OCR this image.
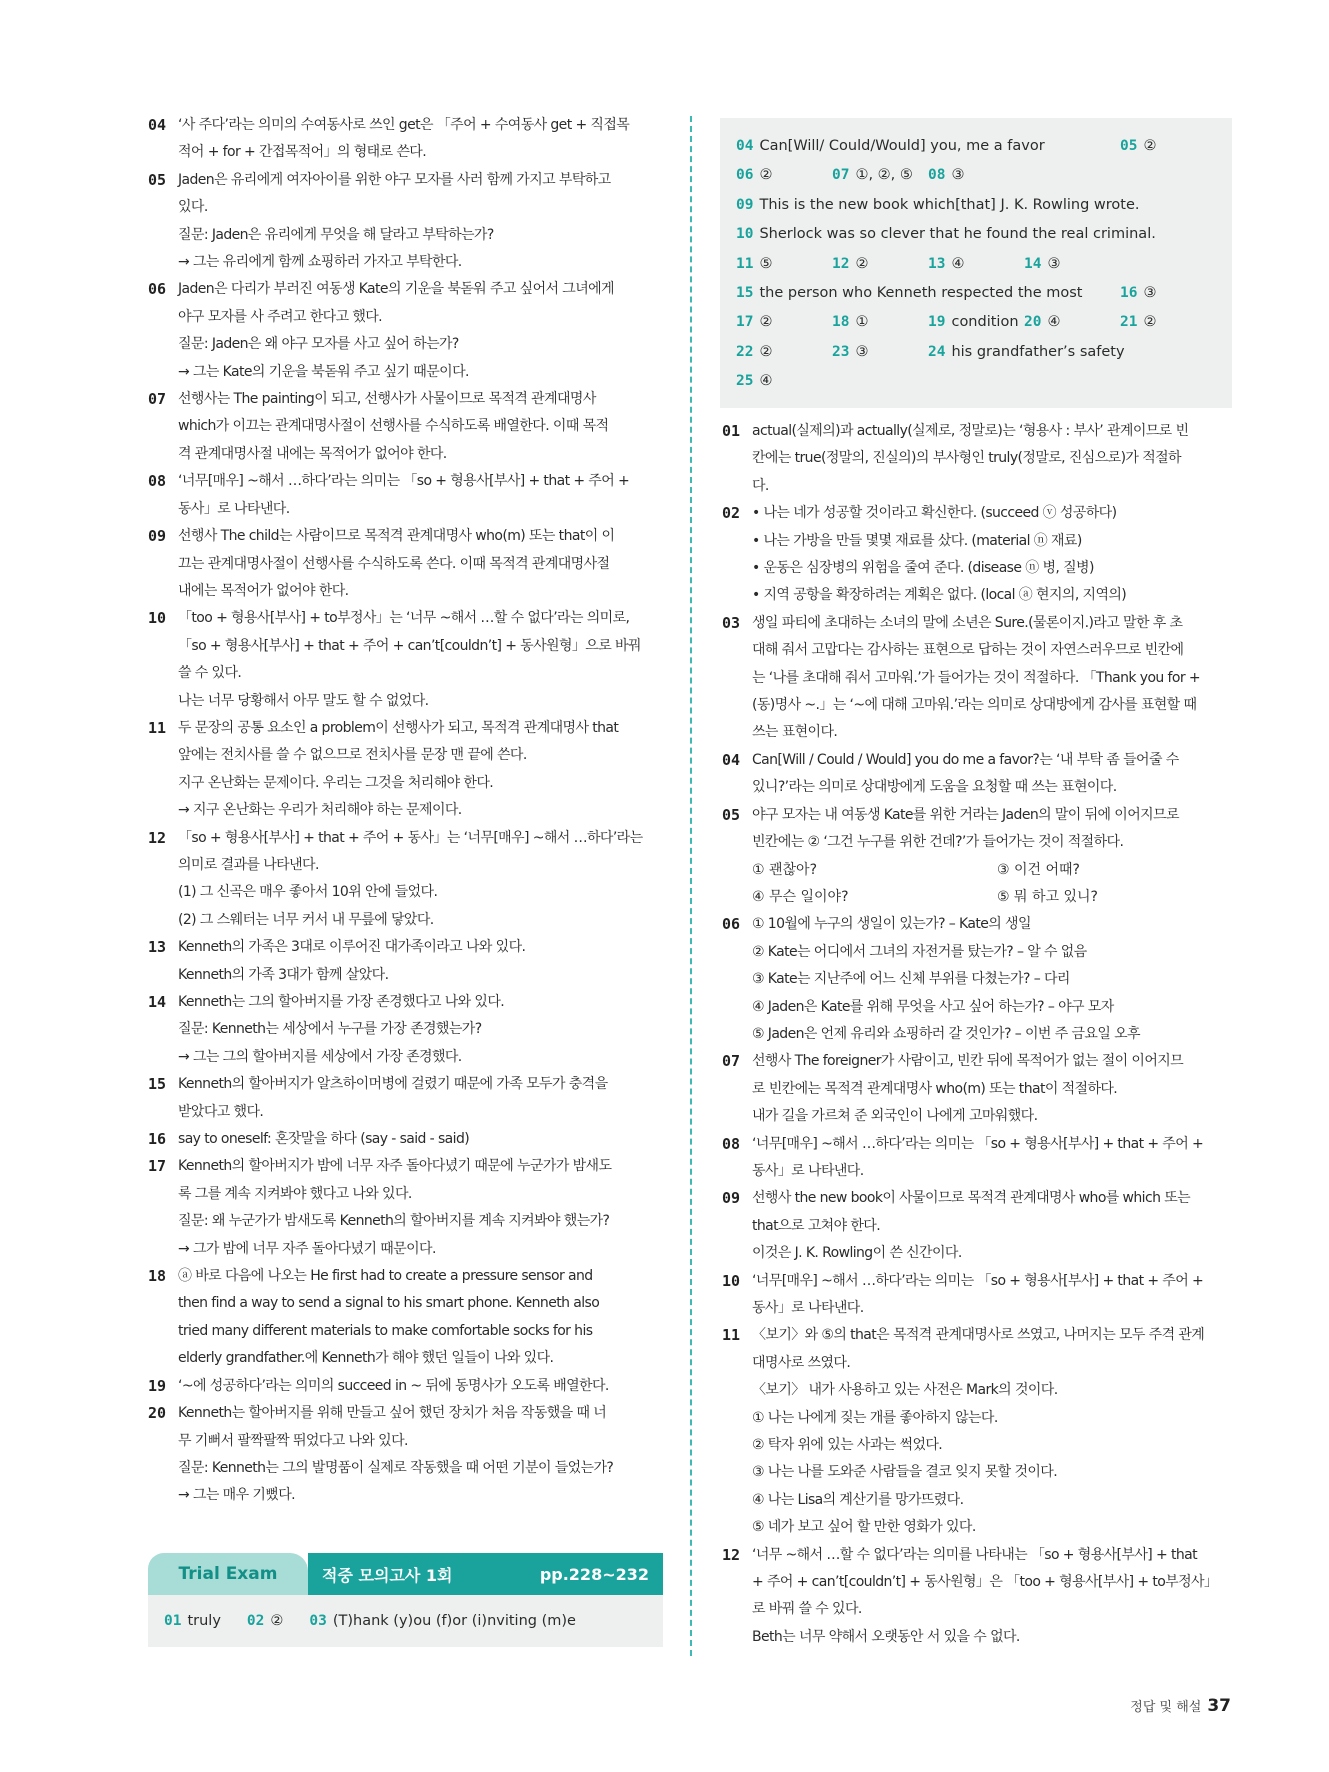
04 ‘사 주다’라는 의미의 수여동사로 쓰인 get은 「주어 + 수여동사 get + 직접목
적어 + for + 간접목적어」의 형태로 쓴다.
05 Jaden은 유리에게 여자아이를 위한 야구 모자를 사러 함께 가지고 부탁하고
있다.
질문: Jaden은 유리에게 무엇을 해 달라고 부탁하는가?
→ 그는 유리에게 함께 쇼핑하러 가자고 부탁한다.
06 Jaden은 다리가 부러진 여동생 Kate의 기운을 북돋워 주고 싶어서 그녀에게
야구 모자를 사 주려고 한다고 했다.
질문: Jaden은 왜 야구 모자를 사고 싶어 하는가?
→ 그는 Kate의 기운을 북돋워 주고 싶기 때문이다.
07 선행사는 The painting이 되고, 선행사가 사물이므로 목적격 관계대명사
which가 이끄는 관계대명사절이 선행사를 수식하도록 배열한다. 이때 목적
격 관계대명사절 내에는 목적어가 없어야 한다.
08 ‘너무[매우] ~해서 …하다’라는 의미는 「so + 형용사[부사] + that + 주어 +
동사」로 나타낸다.
09 선행사 The child는 사람이므로 목적격 관계대명사 who(m) 또는 that이 이
끄는 관계대명사절이 선행사를 수식하도록 쓴다. 이때 목적격 관계대명사절
내에는 목적어가 없어야 한다.
10 「too + 형용사[부사] + to부정사」는 ‘너무 ~해서 …할 수 없다’라는 의미로,
「so + 형용사[부사] + that + 주어 + can’t[couldn’t] + 동사원형」으로 바꿔
쓸 수 있다.
나는 너무 당황해서 아무 말도 할 수 없었다.
11 두 문장의 공통 요소인 a problem이 선행사가 되고, 목적격 관계대명사 that
앞에는 전치사를 쓸 수 없으므로 전치사를 문장 맨 끝에 쓴다.
지구 온난화는 문제이다. 우리는 그것을 처리해야 한다.
→ 지구 온난화는 우리가 처리해야 하는 문제이다.
12 「so + 형용사[부사] + that + 주어 + 동사」는 ‘너무[매우] ~해서 …하다’라는
의미로 결과를 나타낸다.
(1) 그 신곡은 매우 좋아서 10위 안에 들었다.
(2) 그 스웨터는 너무 커서 내 무릎에 닿았다.
13 Kenneth의 가족은 3대로 이루어진 대가족이라고 나와 있다.
Kenneth의 가족 3대가 함께 살았다.
14 Kenneth는 그의 할아버지를 가장 존경했다고 나와 있다.
질문: Kenneth는 세상에서 누구를 가장 존경했는가?
→ 그는 그의 할아버지를 세상에서 가장 존경했다.
15 Kenneth의 할아버지가 알츠하이머병에 걸렸기 때문에 가족 모두가 충격을
받았다고 했다.
16 say to oneself: 혼잣말을 하다 (say - said - said)
17 Kenneth의 할아버지가 밤에 너무 자주 돌아다녔기 때문에 누군가가 밤새도
록 그를 계속 지켜봐야 했다고 나와 있다.
질문: 왜 누군가가 밤새도록 Kenneth의 할아버지를 계속 지켜봐야 했는가?
→ 그가 밤에 너무 자주 돌아다녔기 때문이다.
18 ⓐ 바로 다음에 나오는 He first had to create a pressure sensor and
then find a way to send a signal to his smart phone. Kenneth also
tried many different materials to make comfortable socks for his
elderly grandfather.에 Kenneth가 해야 했던 일들이 나와 있다.
19 ‘~에 성공하다’라는 의미의 succeed in ~ 뒤에 동명사가 오도록 배열한다.
20 Kenneth는 할아버지를 위해 만들고 싶어 했던 장치가 처음 작동했을 때 너
무 기뻐서 팔짝팔짝 뛰었다고 나와 있다.
질문: Kenneth는 그의 발명품이 실제로 작동했을 때 어떤 기분이 들었는가?
→ 그는 매우 기뻤다.
04 Can[Will/ Could/Would] you, me a favor	05 ②
06 ②	07 ①, ②, ⑤ 08 ③
09 This is the new book which[that] J. K. Rowling wrote.
10 Sherlock was so clever that he found the real criminal.
11 ⑤	12 ②	13 ④	14 ③
15 the person who Kenneth respected the most	16 ③
17 ②	18 ①	19 condition 20 ④	21 ②
22 ②	23 ③	24 his grandfather’s safety
25 ④
01 actual(실제의)과 actually(실제로, 정말로)는 ‘형용사 : 부사’ 관계이므로 빈
칸에는 true(정말의, 진실의)의 부사형인 truly(정말로, 진심으로)가 적절하
다.
02 • 나는 네가 성공할 것이라고 확신한다. (succeed ⓥ 성공하다)
• 나는 가방을 만들 몇몇 재료를 샀다. (material ⓝ 재료)
• 운동은 심장병의 위험을 줄여 준다. (disease ⓝ 병, 질병)
• 지역 공항을 확장하려는 계획은 없다. (local ⓐ 현지의, 지역의)
03 생일 파티에 초대하는 소녀의 말에 소년은 Sure.(물론이지.)라고 말한 후 초
대해 줘서 고맙다는 감사하는 표현으로 답하는 것이 자연스러우므로 빈칸에
는 ‘나를 초대해 줘서 고마워.’가 들어가는 것이 적절하다. 「Thank you for +
(동)명사 ~.」는 ‘~에 대해 고마워.’라는 의미로 상대방에게 감사를 표현할 때
쓰는 표현이다.
04 Can[Will / Could / Would] you do me a favor?는 ‘내 부탁 좀 들어줄 수
있니?’라는 의미로 상대방에게 도움을 요청할 때 쓰는 표현이다.
05 야구 모자는 내 여동생 Kate를 위한 거라는 Jaden의 말이 뒤에 이어지므로
빈칸에는 ② ‘그건 누구를 위한 건데?’가 들어가는 것이 적절하다.
① 괜찮아?	③ 이건 어때?
④ 무슨 일이야?	⑤ 뭐 하고 있니?
06 ① 10월에 누구의 생일이 있는가? – Kate의 생일
② Kate는 어디에서 그녀의 자전거를 탔는가? – 알 수 없음
③ Kate는 지난주에 어느 신체 부위를 다쳤는가? – 다리
④ Jaden은 Kate를 위해 무엇을 사고 싶어 하는가? – 야구 모자
⑤ Jaden은 언제 유리와 쇼핑하러 갈 것인가? – 이번 주 금요일 오후
07 선행사 The foreigner가 사람이고, 빈칸 뒤에 목적어가 없는 절이 이어지므
로 빈칸에는 목적격 관계대명사 who(m) 또는 that이 적절하다.
내가 길을 가르쳐 준 외국인이 나에게 고마워했다.
08 ‘너무[매우] ~해서 …하다’라는 의미는 「so + 형용사[부사] + that + 주어 +
동사」로 나타낸다.
09 선행사 the new book이 사물이므로 목적격 관계대명사 who를 which 또는
that으로 고쳐야 한다.
이것은 J. K. Rowling이 쓴 신간이다.
10 ‘너무[매우] ~해서 …하다’라는 의미는 「so + 형용사[부사] + that + 주어 +
동사」로 나타낸다.
11 〈보기〉와 ⑤의 that은 목적격 관계대명사로 쓰였고, 나머지는 모두 주격 관계
대명사로 쓰였다.
〈보기〉 내가 사용하고 있는 사전은 Mark의 것이다.
① 나는 나에게 짖는 개를 좋아하지 않는다.
② 탁자 위에 있는 사과는 썩었다.
③ 나는 나를 도와준 사람들을 결코 잊지 못할 것이다.
④ 나는 Lisa의 계산기를 망가뜨렸다.
⑤ 네가 보고 싶어 할 만한 영화가 있다.
12 ‘너무 ~해서 …할 수 없다’라는 의미를 나타내는 「so + 형용사[부사] + that
+ 주어 + can’t[couldn’t] + 동사원형」은 「too + 형용사[부사] + to부정사」
로 바꿔 쓸 수 있다.
Beth는 너무 약해서 오랫동안 서 있을 수 없다.
Trial Exam	적중 모의고사 1회	pp.228~232
01 truly 02 ② 03 (T)hank (y)ou (f)or (i)nviting (m)e
정답 및 해설 37
